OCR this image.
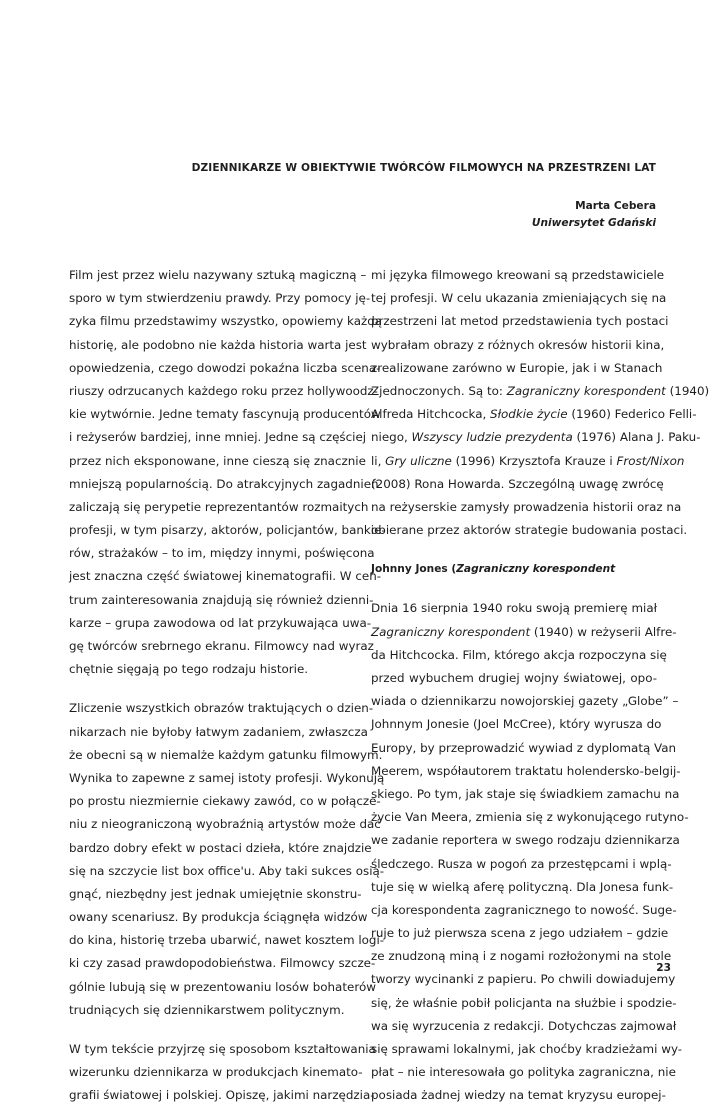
DZIENNIKARZE W OBIEKTYWIE TWÓRCÓW FILMOWYCH NA PRZESTRZENI LAT
Marta Cebera
Uniwersytet Gdański
Film jest przez wielu nazywany sztuką magiczną –
sporo w tym stwierdzeniu prawdy. Przy pomocy ję-
zyka filmu przedstawimy wszystko, opowiemy każdą
historię, ale podobno nie każda historia warta jest
opowiedzenia, czego dowodzi pokaźna liczba scena-
riuszy odrzucanych każdego roku przez hollywoodz-
kie wytwórnie. Jedne tematy fascynują producentów
i reżyserów bardziej, inne mniej. Jedne są częściej
przez nich eksponowane, inne cieszą się znacznie
mniejszą popularnością. Do atrakcyjnych zagadnień
zaliczają się perypetie reprezentantów rozmaitych
profesji, w tym pisarzy, aktorów, policjantów, bankie-
rów, strażaków – to im, między innymi, poświęcona
jest znaczna część światowej kinematografii. W cen-
trum zainteresowania znajdują się również dzienni-
karze – grupa zawodowa od lat przykuwająca uwa-
gę twórców srebrnego ekranu. Filmowcy nad wyraz
chętnie sięgają po tego rodzaju historie.
Zliczenie wszystkich obrazów traktujących o dzien-
nikarzach nie byłoby łatwym zadaniem, zwłaszcza
że obecni są w niemalże każdym gatunku filmowym.
Wynika to zapewne z samej istoty profesji. Wykonują
po prostu niezmiernie ciekawy zawód, co w połącze-
niu z nieograniczoną wyobraźnią artystów może dać
bardzo dobry efekt w postaci dzieła, które znajdzie
się na szczycie list box office'u. Aby taki sukces osią-
gnąć, niezbędny jest jednak umiejętnie skonstru-
owany scenariusz. By produkcja ściągnęła widzów
do kina, historię trzeba ubarwić, nawet kosztem logi-
ki czy zasad prawdopodobieństwa. Filmowcy szcze-
gólnie lubują się w prezentowaniu losów bohaterów
trudniących się dziennikarstwem politycznym.
W tym tekście przyjrzę się sposobom kształtowania
wizerunku dziennikarza w produkcjach kinemato-
grafii światowej i polskiej. Opiszę, jakimi narzędzia-
mi języka filmowego kreowani są przedstawiciele
tej profesji. W celu ukazania zmieniających się na
przestrzeni lat metod przedstawienia tych postaci
wybrałam obrazy z różnych okresów historii kina,
zrealizowane zarówno w Europie, jak i w Stanach
Zjednoczonych. Są to: Zagraniczny korespondent (1940)
Alfreda Hitchcocka, Słodkie życie (1960) Federico Felli-
niego, Wszyscy ludzie prezydenta (1976) Alana J. Paku-
li, Gry uliczne (1996) Krzysztofa Krauze i Frost/Nixon
(2008) Rona Howarda. Szczególną uwagę zwrócę
na reżyserskie zamysły prowadzenia historii oraz na
obierane przez aktorów strategie budowania postaci.
Johnny Jones (Zagraniczny korespondent
Dnia 16 sierpnia 1940 roku swoją premierę miał
Zagraniczny korespondent (1940) w reżyserii Alfre-
da Hitchcocka. Film, którego akcja rozpoczyna się
przed wybuchem drugiej wojny światowej, opo-
wiada o dziennikarzu nowojorskiej gazety „Globe” –
Johnnym Jonesie (Joel McCree), który wyrusza do
Europy, by przeprowadzić wywiad z dyplomatą Van
Meerem, współautorem traktatu holendersko-belgij-
skiego. Po tym, jak staje się świadkiem zamachu na
życie Van Meera, zmienia się z wykonującego rutyno-
we zadanie reportera w swego rodzaju dziennikarza
śledczego. Rusza w pogoń za przestępcami i wplą-
tuje się w wielką aferę polityczną. Dla Jonesa funk-
cja korespondenta zagranicznego to nowość. Suge-
ruje to już pierwsza scena z jego udziałem – gdzie
ze znudzoną miną i z nogami rozłożonymi na stole
tworzy wycinanki z papieru. Po chwili dowiadujemy
się, że właśnie pobił policjanta na służbie i spodzie-
wa się wyrzucenia z redakcji. Dotychczas zajmował
się sprawami lokalnymi, jak choćby kradzieżami wy-
płat – nie interesowała go polityka zagraniczna, nie
posiada żadnej wiedzy na temat kryzysu europej-
23
